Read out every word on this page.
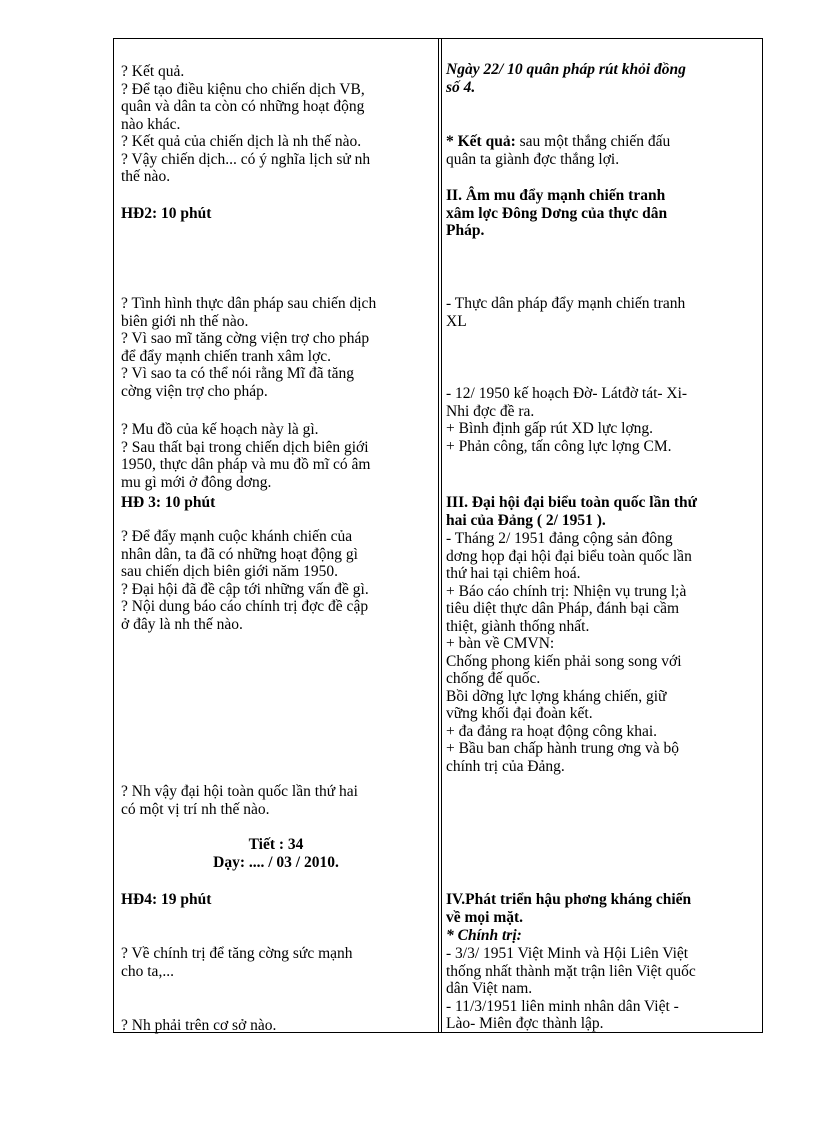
? Kết quả.

? Để tạo điều kiệnu cho chiến dịch VB,

quân và dân ta còn có những hoạt động

nào khác.

? Kết quả của chiến dịch là nh thế nào.

? Vậy chiến dịch... có ý nghĩa lịch sử nh

thế nào.

HĐ2: 10 phút

? Tình hình thực dân pháp sau chiến dịch

biên giới nh thế nào.

? Vì sao mĩ tăng cờng viện trợ cho pháp

để đẩy mạnh chiến tranh xâm lợc.

? Vì sao ta có thể nói rằng Mĩ đã tăng

cờng viện trợ cho pháp.

? Mu đồ của kế hoạch này là gì.

? Sau thất bại trong chiến dịch biên giới

1950, thực dân pháp và mu đồ mĩ có âm

mu gì mới ở đông dơng.

HĐ 3: 10 phút

? Để đẩy mạnh cuộc khánh chiến của

nhân dân, ta đã có những hoạt động gì

sau chiến dịch biên giới năm 1950.

? Đại hội đã đề cập tới những vấn đề gì.

? Nội dung báo cáo chính trị đợc đề cập

ở đây là nh thế nào.

? Nh vậy đại hội toàn quốc lần thứ hai

có một vị trí nh thế nào.

Tiết : 34
Dạy: .... / 03 / 2010.
HĐ4: 19 phút

? Về chính trị để tăng cờng sức mạnh

cho ta,...

? Nh phải trên cơ sở nào.

Ngày 22/ 10 quân pháp rút khỏi đồng

số 4.

* Kết quả: sau một thắng chiến đấu

quân ta giành đợc thắng lợi.

II. Âm mu đẩy mạnh chiến tranh

xâm lợc Đông Dơng của thực dân

Pháp.

- Thực dân pháp đẩy mạnh chiến tranh

XL

- 12/ 1950 kế hoạch Đờ- Látđờ tát- Xi-

Nhi đợc đề ra.

+ Bình định gấp rút XD lực lợng.

+ Phản công, tấn công lực lợng CM.

III. Đại hội đại biểu toàn quốc lần thứ

hai của Đảng ( 2/ 1951 ).

- Tháng 2/ 1951 đảng cộng sản đông

dơng họp đại hội đại biểu toàn quốc lần

thứ hai tại chiêm hoá.

+ Báo cáo chính trị: Nhiện vụ trung l;à

tiêu diệt thực dân Pháp, đánh bại cầm

thiệt, giành thống nhất.

+ bàn về CMVN:

Chống phong kiến phải song song với

chống đế quốc.

Bồi dỡng lực lợng kháng chiến, giữ

vững khối đại đoàn kết.

+ đa đảng ra hoạt động công khai.

+ Bầu ban chấp hành trung ơng và bộ

chính trị của Đảng.

IV.Phát triển hậu phơng kháng chiến

về mọi mặt.

* Chính trị:

- 3/3/ 1951 Việt Minh và Hội Liên Việt

thống nhất thành mặt trận liên Việt quốc

dân Việt nam.

- 11/3/1951 liên minh nhân dân Việt -

Lào- Miên đợc thành lập.
